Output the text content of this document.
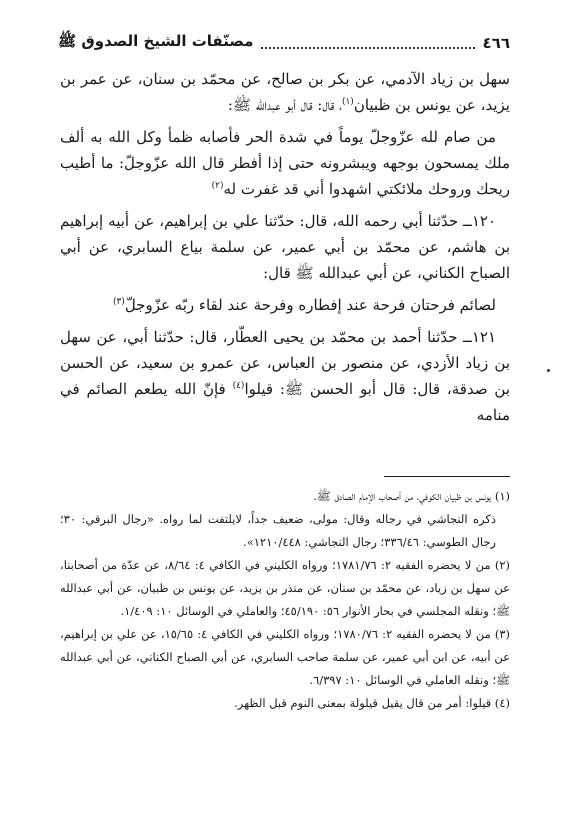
٤٦٦
مصنّفات الشيخ الصدوق ﷺ

سهل بن زياد الآدمي، عن بكر بن صالح، عن محمّد بن سنان، عن عمر بن يزيد، عن يونس بن ظبيان$^{(١)}$، قال: قال أبو عبدالله ﷺ:

من صام لله عزّوجلّ يوماً في شدة الحر فأصابه ظمأ وكل الله به ألف ملك يمسحون بوجهه ويبشرونه حتى إذا أفطر قال الله عزّوجلّ: ما أطيب ريحك وروحك ملائكتي اشهدوا أني قد غفرت له$^{(٢)}$

١٢٠ــ حدّثنا أبي رحمه الله، قال: حدّثنا علي بن إبراهيم، عن أبيه إبراهيم بن هاشم، عن محمّد بن أبي عمير، عن سلمة بياع السابري، عن أبي الصباح الكناني، عن أبي عبدالله ﷺ قال:

لصائم فرحتان فرحة عند إفطاره وفرحة عند لقاء ربّه عزّوجلّ$^{(٣)}$

١٢١ــ حدّثنا أحمد بن محمّد بن يحيى العطّار، قال: حدّثنا أبي، عن سهل بن زياد الأزدي، عن منصور بن العباس، عن عمرو بن سعيد، عن الحسن بن صدقة، قال: قال أبو الحسن ﷺ: قيلوا$^{(٤)}$ فإنّ الله يطعم الصائم في منامه

(١) يونس بن ظبيان الكوفي، من أصحاب الإمام الصادق ﷺ.

ذكره النجاشي في رجاله وقال: مولى، ضعيف جداً، لايلتفت لما رواه. «رجال البرقي: ٣٠؛ رجال الطوسي: ٣٣٦/٤٦؛ رجال النجاشي: ١٢١٠/٤٤٨».

(٢) من لا يحضره الفقيه ٢: ١٧٨١/٧٦؛ ورواه الكليني في الكافي ٤: ٨/٦٤، عن عدّة من أصحابنا، عن سهل بن زياد، عن محمّد بن سنان، عن منذر بن يزيد، عن يونس بن ظبيان، عن أبي عبدالله ﷺ؛ ونقله المجلسي في بحار الأنوار ٥٦: ٤٥/١٩٠؛ والعاملي في الوسائل ١٠: ١/٤٠٩.

(٣) من لا يحضره الفقيه ٢: ١٧٨٠/٧٦؛ ورواه الكليني في الكافي ٤: ١٥/٦٥، عن علي بن إبراهيم، عن أبيه، عن ابن أبي عمير، عن سلمة صاحب السابري، عن أبي الصباح الكناني، عن أبي عبدالله ﷺ؛ ونقله العاملي في الوسائل ١٠: ٦/٣٩٧.

(٤) قيلوا: أمر من قال يقيل قيلولة بمعنى النوم قبل الظهر.
